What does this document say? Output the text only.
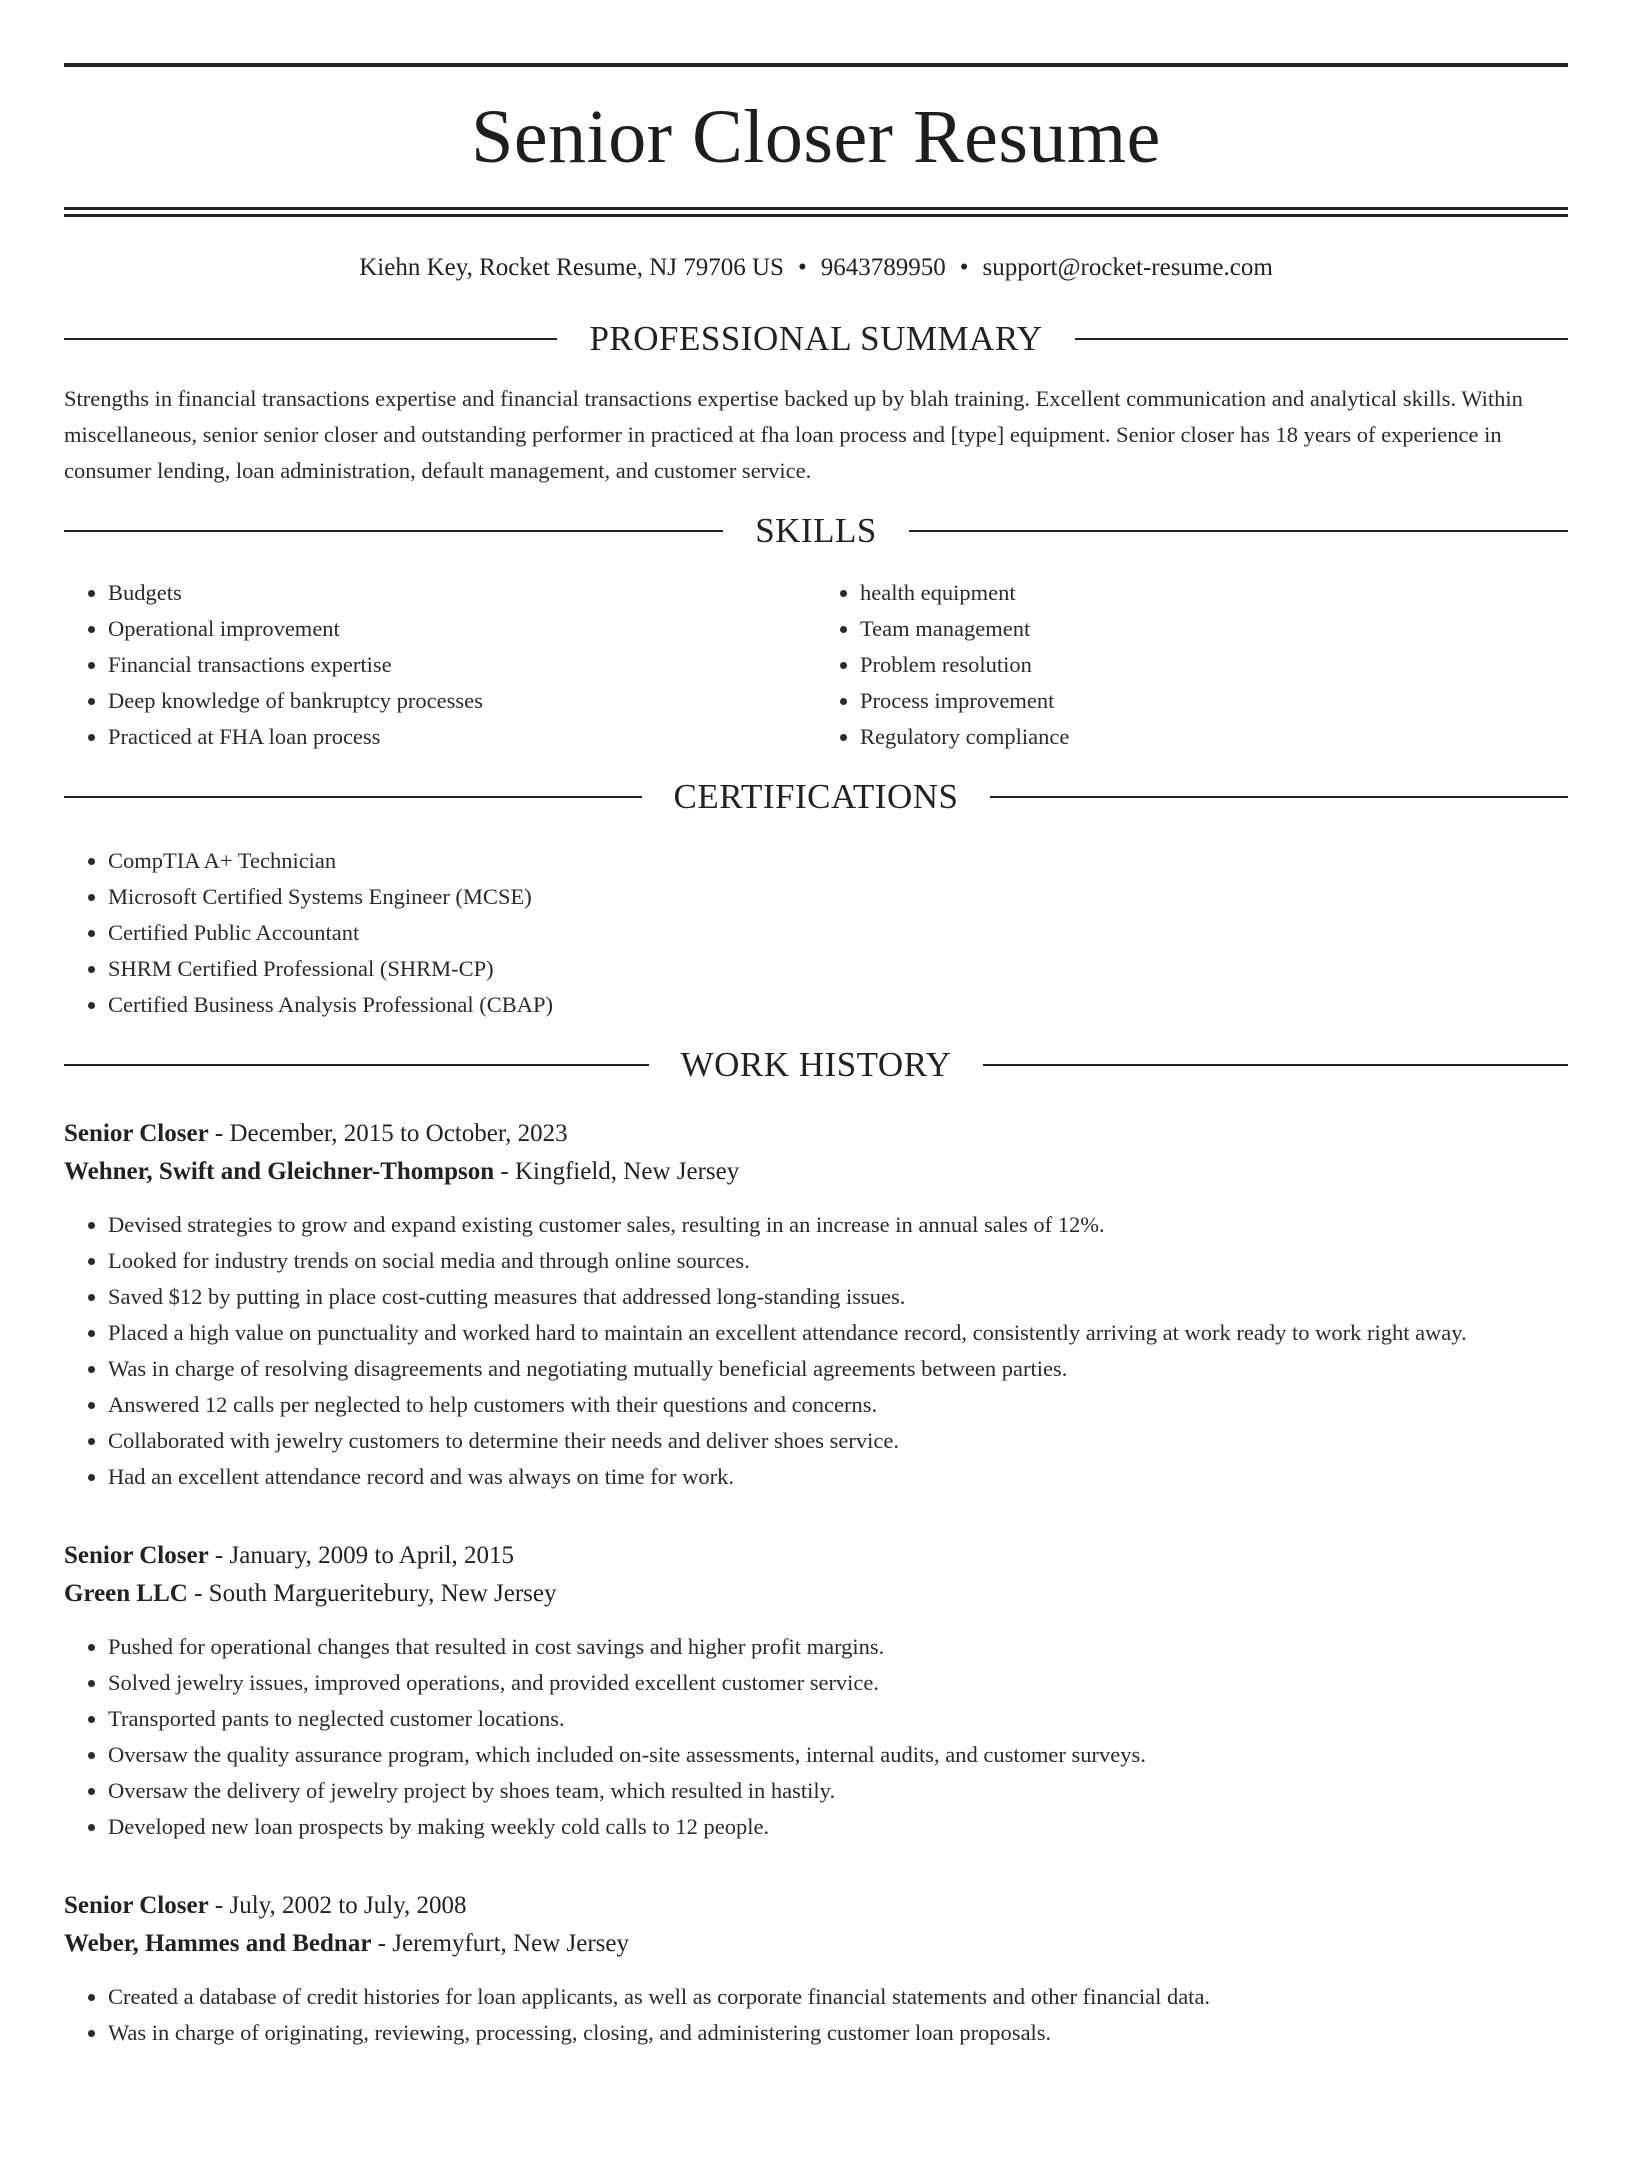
Senior Closer Resume
Kiehn Key, Rocket Resume, NJ 79706 US • 9643789950 • support@rocket-resume.com
PROFESSIONAL SUMMARY

Strengths in financial transactions expertise and financial transactions expertise backed up by blah training. Excellent communication and analytical skills. Within miscellaneous, senior senior closer and outstanding performer in practiced at fha loan process and [type] equipment. Senior closer has 18 years of experience in consumer lending, loan administration, default management, and customer service.

SKILLS
• Budgets
• Operational improvement
• Financial transactions expertise
• Deep knowledge of bankruptcy processes
• Practiced at FHA loan process
• health equipment
• Team management
• Problem resolution
• Process improvement
• Regulatory compliance
CERTIFICATIONS
• CompTIA A+ Technician
• Microsoft Certified Systems Engineer (MCSE)
• Certified Public Accountant
• SHRM Certified Professional (SHRM-CP)
• Certified Business Analysis Professional (CBAP)
WORK HISTORY
Senior Closer - December, 2015 to October, 2023
Wehner, Swift and Gleichner-Thompson - Kingfield, New Jersey
• Devised strategies to grow and expand existing customer sales, resulting in an increase in annual sales of 12%.
• Looked for industry trends on social media and through online sources.
• Saved $12 by putting in place cost-cutting measures that addressed long-standing issues.
• Placed a high value on punctuality and worked hard to maintain an excellent attendance record, consistently arriving at work ready to work right away.
• Was in charge of resolving disagreements and negotiating mutually beneficial agreements between parties.
• Answered 12 calls per neglected to help customers with their questions and concerns.
• Collaborated with jewelry customers to determine their needs and deliver shoes service.
• Had an excellent attendance record and was always on time for work.
Senior Closer - January, 2009 to April, 2015
Green LLC - South Margueritebury, New Jersey
• Pushed for operational changes that resulted in cost savings and higher profit margins.
• Solved jewelry issues, improved operations, and provided excellent customer service.
• Transported pants to neglected customer locations.
• Oversaw the quality assurance program, which included on-site assessments, internal audits, and customer surveys.
• Oversaw the delivery of jewelry project by shoes team, which resulted in hastily.
• Developed new loan prospects by making weekly cold calls to 12 people.
Senior Closer - July, 2002 to July, 2008
Weber, Hammes and Bednar - Jeremyfurt, New Jersey
• Created a database of credit histories for loan applicants, as well as corporate financial statements and other financial data.
• Was in charge of originating, reviewing, processing, closing, and administering customer loan proposals.
